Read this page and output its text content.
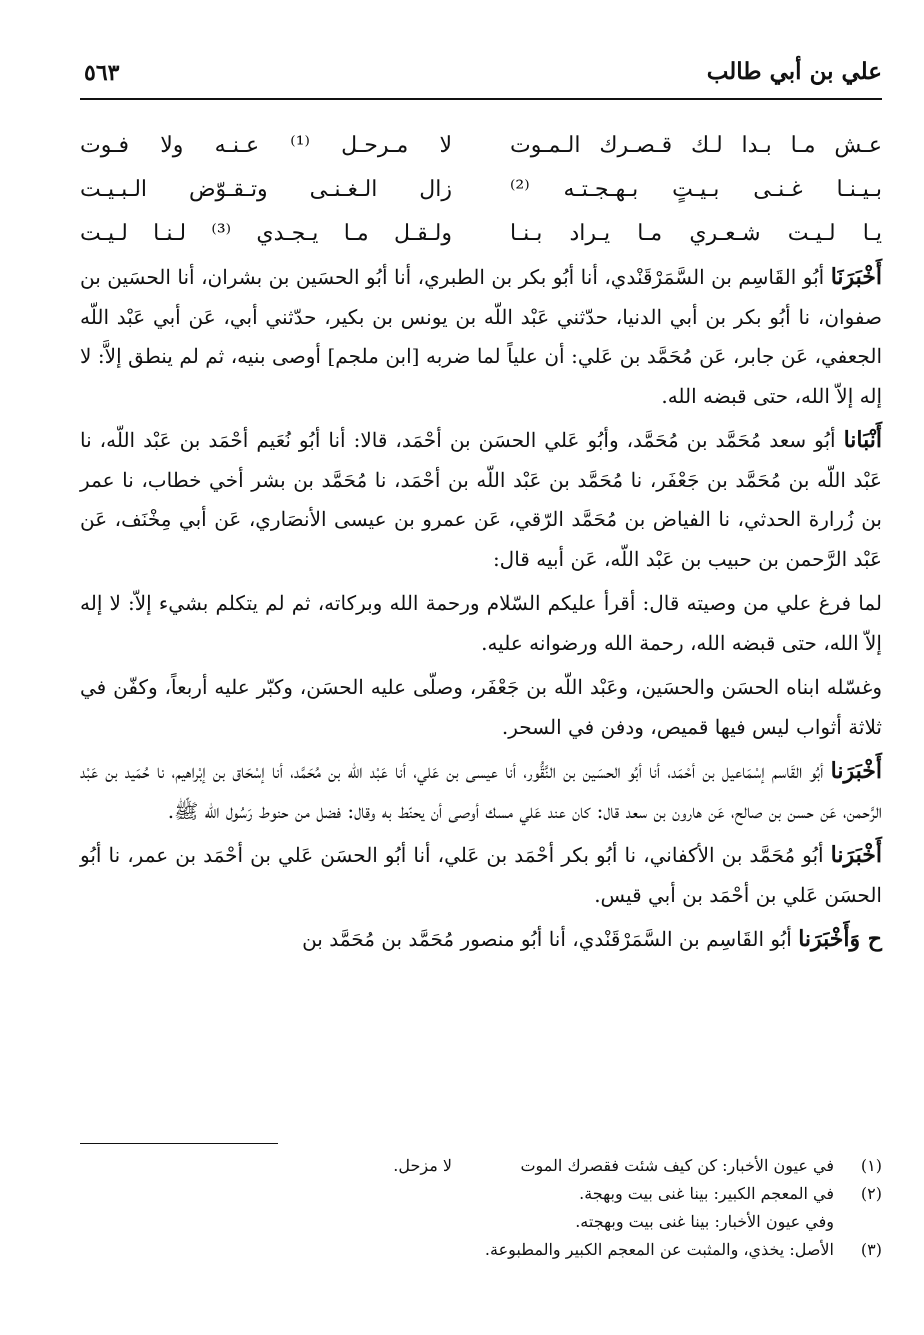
علي بن أبي طالب
٥٦٣
عـش مـا بـدا لـك قـصـرك الـمـوت
لا مـرحـل ⁽¹⁾ عـنـه ولا فـوت
بـيـنـا غـنـى بـيـتٍ بـهـجـتـه ⁽²⁾
زال الـغـنـى وتـقـوّض الـبـيـت
يـا لـيـت شـعـري مـا يـراد بـنـا
ولـقـل مـا يـجـدي ⁽³⁾ لـنـا لـيـت

أَخْبَرَنَا أبُو القَاسِم بن السَّمَرْقَنْدي، أنا أبُو بكر بن الطبري، أنا أبُو الحسَين بن بشران، أنا الحسَين بن صفوان، نا أبُو بكر بن أبي الدنيا، حدّثني عَبْد اللّه بن يونس بن بكير، حدّثني أبي، عَن أبي عَبْد اللّه الجعفي، عَن جابر، عَن مُحَمَّد بن عَلي: أن علياً لما ضربه [ابن ملجم] أوصى بنيه، ثم لم ينطق إلاَّ: لا إله إلاّ الله، حتى قبضه الله.

أَنْبَانا أبُو سعد مُحَمَّد بن مُحَمَّد، وأبُو عَلي الحسَن بن أحْمَد، قالا: أنا أبُو نُعَيم أحْمَد بن عَبْد اللّه، نا عَبْد اللّه بن مُحَمَّد بن جَعْفَر، نا مُحَمَّد بن عَبْد اللّه بن أحْمَد، نا مُحَمَّد بن بشر أخي خطاب، نا عمر بن زُرارة الحدثي، نا الفياض بن مُحَمَّد الرّقي، عَن عمرو بن عيسى الأنصَاري، عَن أبي مِخْنَف، عَن عَبْد الرَّحمن بن حبيب بن عَبْد اللّه، عَن أبيه قال:

لما فرغ علي من وصيته قال: أقرأ عليكم السّلام ورحمة الله وبركاته، ثم لم يتكلم بشيء إلاّ: لا إله إلاّ الله، حتى قبضه الله، رحمة الله ورضوانه عليه.

وغسّله ابناه الحسَن والحسَين، وعَبْد اللّه بن جَعْفَر، وصلّى عليه الحسَن، وكبّر عليه أربعاً، وكفّن في ثلاثة أثواب ليس فيها قميص، ودفن في السحر.

أَخْبَرَنا أبُو القَاسم إسْمَاعيل بن أحْمَد، أنا أبُو الحسَين بن النَّقُّور، أنا عيسى بن عَلي، أنا عَبْد اللّه بن مُحَمَّد، أنا إسْحَاق بن إبْراهيم، نا حُمَيد بن عَبْد الرَّحمن، عَن حسن بن صالح، عَن هارون بن سعد قال: كان عند عَلي مسك أوصى أن يحنّط به وقال: فضل من حنوط رَسُول الله ﷺ.

أَخْبَرَنا أبُو مُحَمَّد بن الأكفاني، نا أبُو بكر أحْمَد بن عَلي، أنا أبُو الحسَن عَلي بن أحْمَد بن عمر، نا أبُو الحسَن عَلي بن أحْمَد بن أبي قيس.

ح وَأَخْبَرَنا أبُو القَاسِم بن السَّمَرْقَنْدي، أنا أبُو منصور مُحَمَّد بن مُحَمَّد بن

(١)
في عيون الأخبار: كن كيف شئت فقصرك الموت
لا مزحل.
(٢)
في المعجم الكبير: بينا غنى بيت وبهجة.
وفي عيون الأخبار: بينا غنى بيت وبهجته.
(٣)
الأصل: يخذي، والمثبت عن المعجم الكبير والمطبوعة.
